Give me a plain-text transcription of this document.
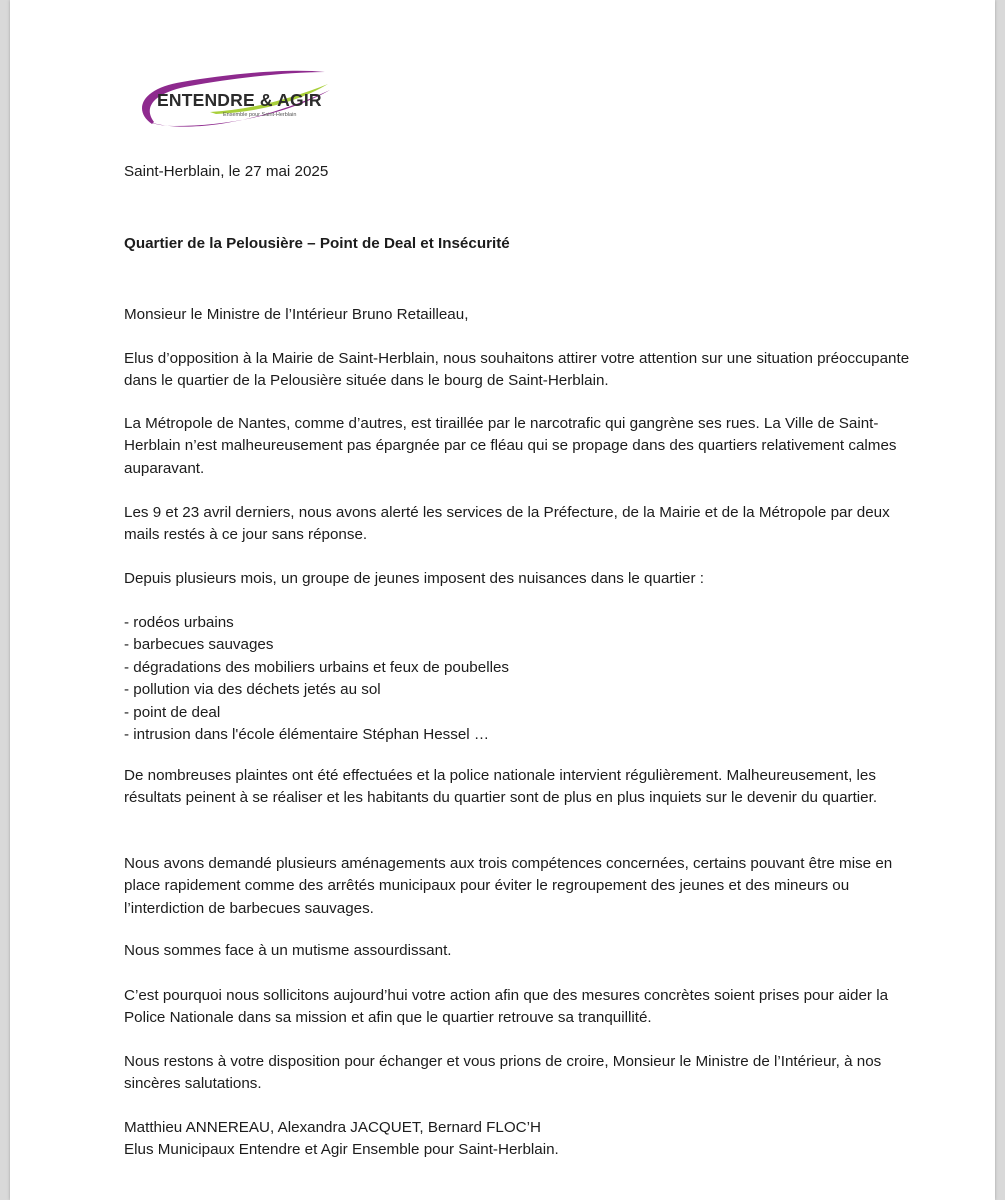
ENTENDRE & AGIR
Ensemble pour Saint-Herblain

Saint-Herblain, le 27 mai 2025

Quartier de la Pelousière – Point de Deal et Insécurité

Monsieur le Ministre de l’Intérieur Bruno Retailleau,

Elus d’opposition à la Mairie de Saint-Herblain, nous souhaitons attirer votre attention sur une situation préoccupante dans le quartier de la Pelousière située dans le bourg de Saint-Herblain.

La Métropole de Nantes, comme d’autres, est tiraillée par le narcotrafic qui gangrène ses rues. La Ville de Saint-Herblain n’est malheureusement pas épargnée par ce fléau qui se propage dans des quartiers relativement calmes auparavant.

Les 9 et 23 avril derniers, nous avons alerté les services de la Préfecture, de la Mairie et de la Métropole par deux mails restés à ce jour sans réponse.

Depuis plusieurs mois, un groupe de jeunes imposent des nuisances dans le quartier :

- rodéos urbains
- barbecues sauvages
- dégradations des mobiliers urbains et feux de poubelles
- pollution via des déchets jetés au sol
- point de deal
- intrusion dans l'école élémentaire Stéphan Hessel …

De nombreuses plaintes ont été effectuées et la police nationale intervient régulièrement. Malheureusement, les résultats peinent à se réaliser et les habitants du quartier sont de plus en plus inquiets sur le devenir du quartier.

Nous avons demandé plusieurs aménagements aux trois compétences concernées, certains pouvant être mise en place rapidement comme des arrêtés municipaux pour éviter le regroupement des jeunes et des mineurs ou l’interdiction de barbecues sauvages.

Nous sommes face à un mutisme assourdissant.

C’est pourquoi nous sollicitons aujourd’hui votre action afin que des mesures concrètes soient prises pour aider la Police Nationale dans sa mission et afin que le quartier retrouve sa tranquillité.

Nous restons à votre disposition pour échanger et vous prions de croire, Monsieur le Ministre de l’Intérieur, à nos sincères salutations.

Matthieu ANNEREAU, Alexandra JACQUET, Bernard FLOC’H

Elus Municipaux Entendre et Agir Ensemble pour Saint-Herblain.
